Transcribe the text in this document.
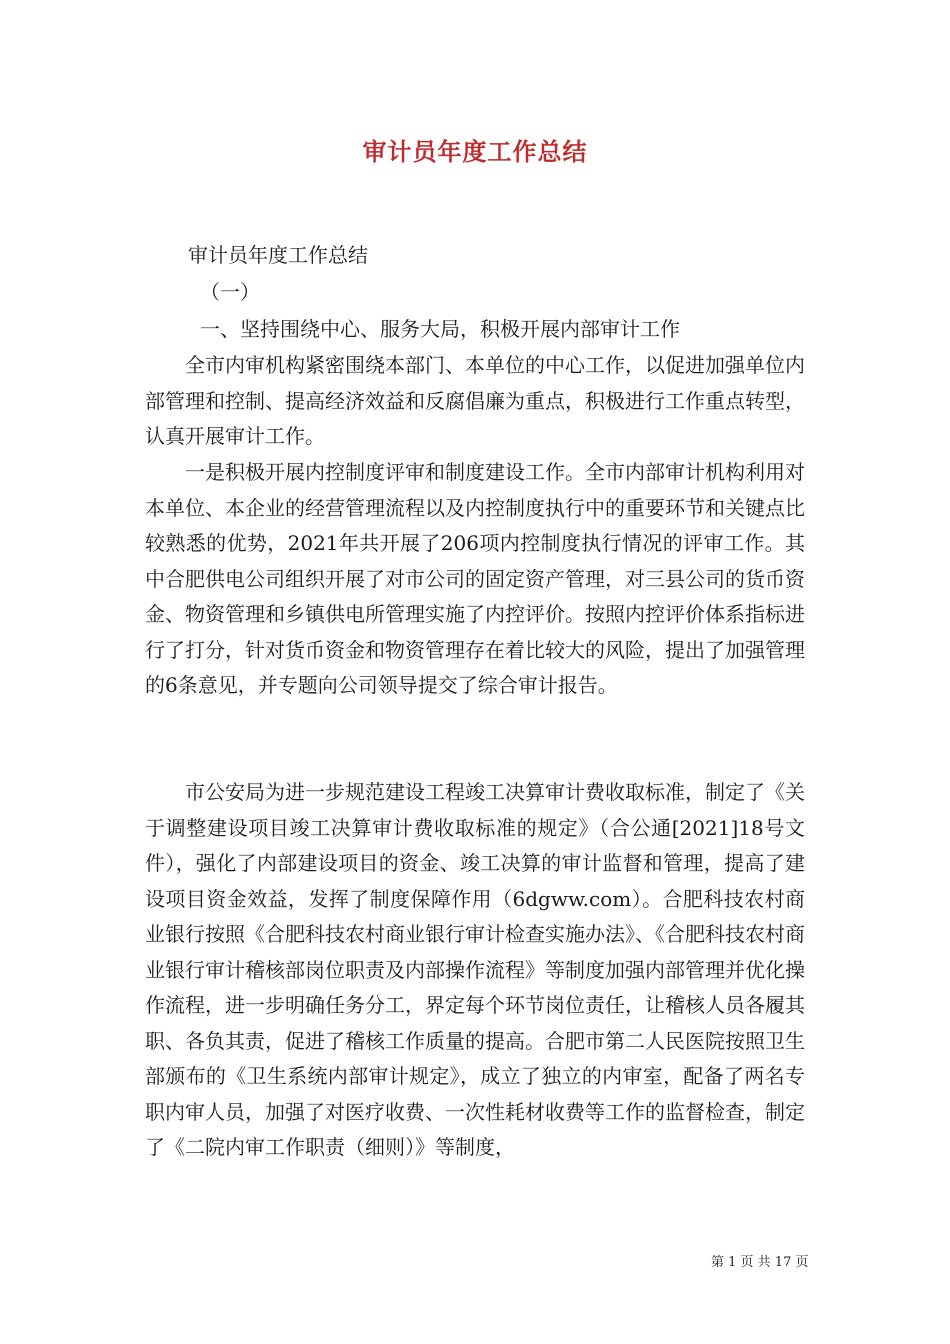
审计员年度工作总结

审计员年度工作总结

（一）

一、坚持围绕中心、服务大局，积极开展内部审计工作

全市内审机构紧密围绕本部门、本单位的中心工作，以促进加强单位内部管理和控制、提高经济效益和反腐倡廉为重点，积极进行工作重点转型，认真开展审计工作。

一是积极开展内控制度评审和制度建设工作。全市内部审计机构利用对本单位、本企业的经营管理流程以及内控制度执行中的重要环节和关键点比较熟悉的优势，2021年共开展了206项内控制度执行情况的评审工作。其中合肥供电公司组织开展了对市公司的固定资产管理，对三县公司的货币资金、物资管理和乡镇供电所管理实施了内控评价。按照内控评价体系指标进行了打分，针对货币资金和物资管理存在着比较大的风险，提出了加强管理的6条意见，并专题向公司领导提交了综合审计报告。

市公安局为进一步规范建设工程竣工决算审计费收取标准，制定了《关于调整建设项目竣工决算审计费收取标准的规定》（合公通[2021]18号文件），强化了内部建设项目的资金、竣工决算的审计监督和管理，提高了建设项目资金效益，发挥了制度保障作用（6dgww.com）。合肥科技农村商业银行按照《合肥科技农村商业银行审计检查实施办法》、《合肥科技农村商业银行审计稽核部岗位职责及内部操作流程》等制度加强内部管理并优化操作流程，进一步明确任务分工，界定每个环节岗位责任，让稽核人员各履其职、各负其责，促进了稽核工作质量的提高。合肥市第二人民医院按照卫生部颁布的《卫生系统内部审计规定》，成立了独立的内审室，配备了两名专职内审人员，加强了对医疗收费、一次性耗材收费等工作的监督检查，制定了《二院内审工作职责（细则）》等制度，

第 1 页 共 17 页
